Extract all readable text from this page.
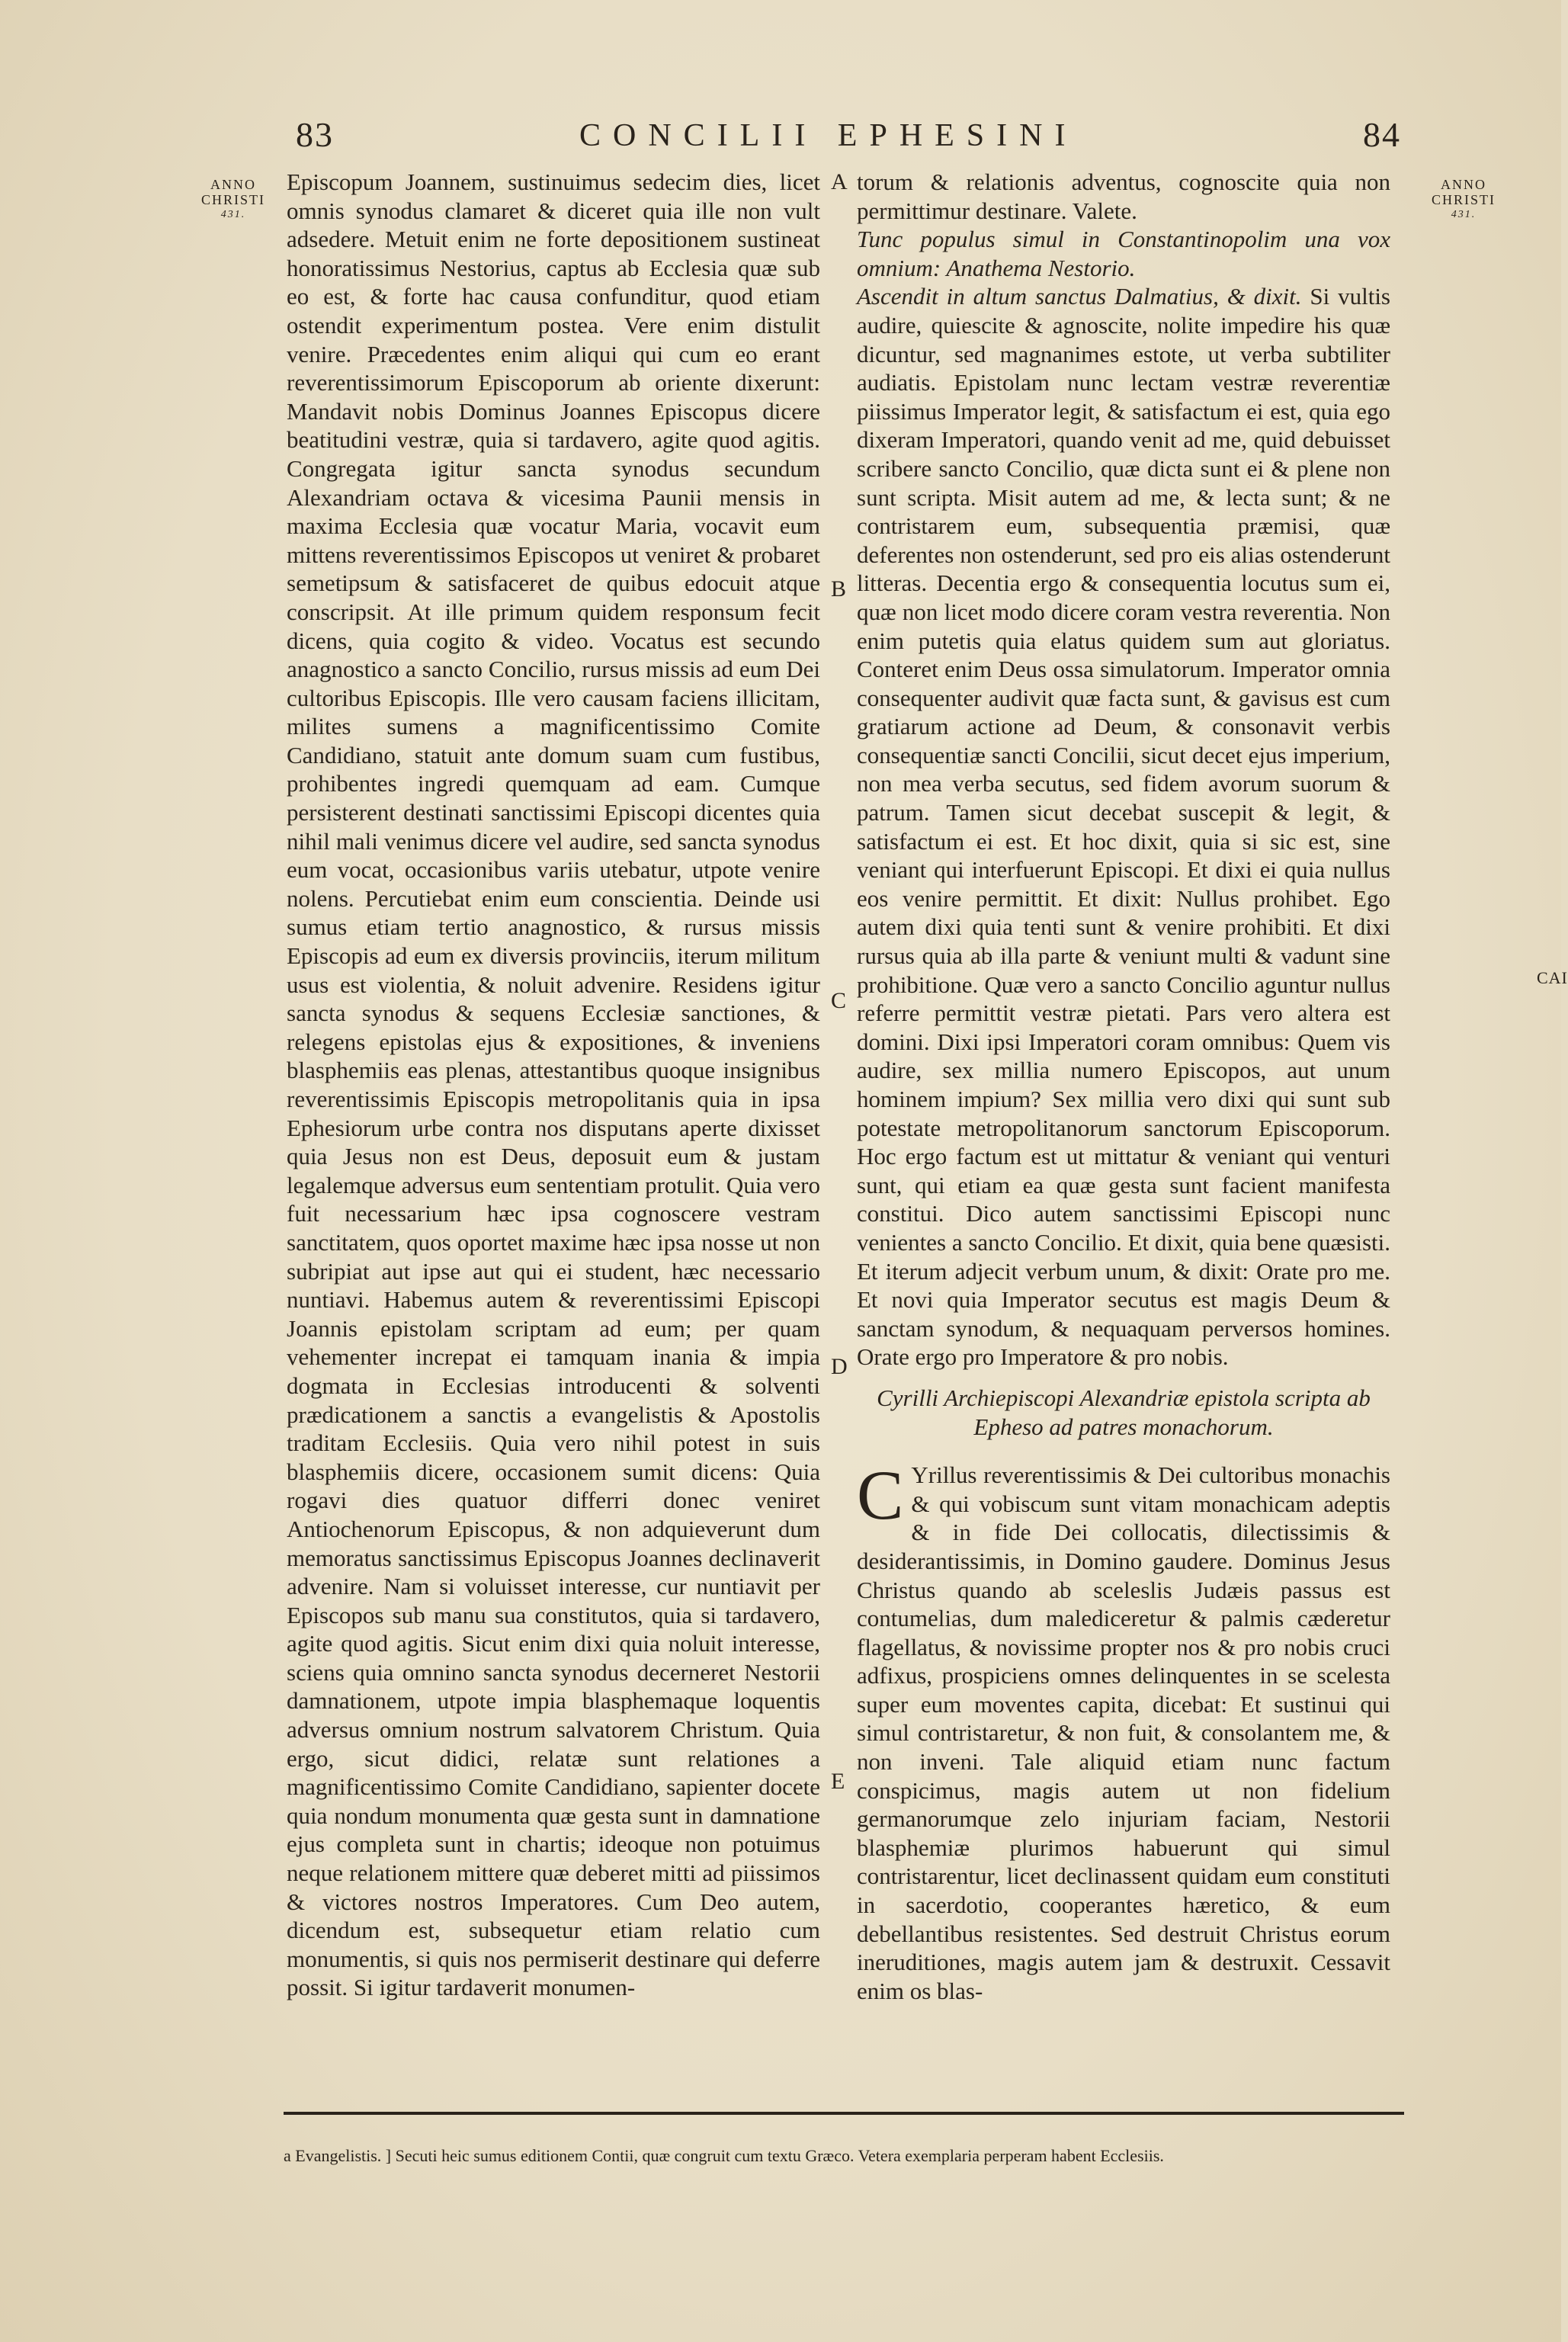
83	CONCILII EPHESINI	84
ANNO
CHRISTI
431.
ANNO
CHRISTI
431.
CAI
A
B
C
D
E

Episcopum Joannem, sustinuimus sedecim dies, licet omnis synodus clamaret & diceret quia ille non vult adsedere. Metuit enim ne forte depositionem sustineat honoratissimus Nestorius, captus ab Ecclesia quæ sub eo est, & forte hac causa confunditur, quod etiam ostendit experimentum postea. Vere enim distulit venire. Præcedentes enim aliqui qui cum eo erant reverentissimorum Episcoporum ab oriente dixerunt: Mandavit nobis Dominus Joannes Episcopus dicere beatitudini vestræ, quia si tardavero, agite quod agitis. Congregata igitur sancta synodus secundum Alexandriam octava & vicesima Paunii mensis in maxima Ecclesia quæ vocatur Maria, vocavit eum mittens reverentissimos Episcopos ut veniret & probaret semetipsum & satisfaceret de quibus edocuit atque conscripsit. At ille primum quidem responsum fecit dicens, quia cogito & video. Vocatus est secundo anagnostico a sancto Concilio, rursus missis ad eum Dei cultoribus Episcopis. Ille vero causam faciens illicitam, milites sumens a magnificentissimo Comite Candidiano, statuit ante domum suam cum fustibus, prohibentes ingredi quemquam ad eam. Cumque persisterent destinati sanctissimi Episcopi dicentes quia nihil mali venimus dicere vel audire, sed sancta synodus eum vocat, occasionibus variis utebatur, utpote venire nolens. Percutiebat enim eum conscientia. Deinde usi sumus etiam tertio anagnostico, & rursus missis Episcopis ad eum ex diversis provinciis, iterum militum usus est violentia, & noluit advenire. Residens igitur sancta synodus & sequens Ecclesiæ sanctiones, & relegens epistolas ejus & expositiones, & inveniens blasphemiis eas plenas, attestantibus quoque insignibus reverentissimis Episcopis metropolitanis quia in ipsa Ephesiorum urbe contra nos disputans aperte dixisset quia Jesus non est Deus, deposuit eum & justam legalemque adversus eum sententiam protulit. Quia vero fuit necessarium hæc ipsa cognoscere vestram sanctitatem, quos oportet maxime hæc ipsa nosse ut non subripiat aut ipse aut qui ei student, hæc necessario nuntiavi. Habemus autem & reverentissimi Episcopi Joannis epistolam scriptam ad eum; per quam vehementer increpat ei tamquam inania & impia dogmata in Ecclesias introducenti & solventi prædicationem a sanctis a evangelistis & Apostolis traditam Ecclesiis. Quia vero nihil potest in suis blasphemiis dicere, occasionem sumit dicens: Quia rogavi dies quatuor differri donec veniret Antiochenorum Episcopus, & non adquieverunt dum memoratus sanctissimus Episcopus Joannes declinaverit advenire. Nam si voluisset interesse, cur nuntiavit per Episcopos sub manu sua constitutos, quia si tardavero, agite quod agitis. Sicut enim dixi quia noluit interesse, sciens quia omnino sancta synodus decerneret Nestorii damnationem, utpote impia blasphemaque loquentis adversus omnium nostrum salvatorem Christum. Quia ergo, sicut didici, relatæ sunt relationes a magnificentissimo Comite Candidiano, sapienter docete quia nondum monumenta quæ gesta sunt in damnatione ejus completa sunt in chartis; ideoque non potuimus neque relationem mittere quæ deberet mitti ad piissimos & victores nostros Imperatores. Cum Deo autem, dicendum est, subsequetur etiam relatio cum monumentis, si quis nos permiserit destinare qui deferre possit. Si igitur tardaverit monumen-

torum & relationis adventus, cognoscite quia non permittimur destinare. Valete.

Tunc populus simul in Constantinopolim una vox omnium: Anathema Nestorio.

Ascendit in altum sanctus Dalmatius, & dixit. Si vultis audire, quiescite & agnoscite, nolite impedire his quæ dicuntur, sed magnanimes estote, ut verba subtiliter audiatis. Epistolam nunc lectam vestræ reverentiæ piissimus Imperator legit, & satisfactum ei est, quia ego dixeram Imperatori, quando venit ad me, quid debuisset scribere sancto Concilio, quæ dicta sunt ei & plene non sunt scripta. Misit autem ad me, & lecta sunt; & ne contristarem eum, subsequentia præmisi, quæ deferentes non ostenderunt, sed pro eis alias ostenderunt litteras. Decentia ergo & consequentia locutus sum ei, quæ non licet modo dicere coram vestra reverentia. Non enim putetis quia elatus quidem sum aut gloriatus. Conteret enim Deus ossa simulatorum. Imperator omnia consequenter audivit quæ facta sunt, & gavisus est cum gratiarum actione ad Deum, & consonavit verbis consequentiæ sancti Concilii, sicut decet ejus imperium, non mea verba secutus, sed fidem avorum suorum & patrum. Tamen sicut decebat suscepit & legit, & satisfactum ei est. Et hoc dixit, quia si sic est, sine veniant qui interfuerunt Episcopi. Et dixi ei quia nullus eos venire permittit. Et dixit: Nullus prohibet. Ego autem dixi quia tenti sunt & venire prohibiti. Et dixi rursus quia ab illa parte & veniunt multi & vadunt sine prohibitione. Quæ vero a sancto Concilio aguntur nullus referre permittit vestræ pietati. Pars vero altera est domini. Dixi ipsi Imperatori coram omnibus: Quem vis audire, sex millia numero Episcopos, aut unum hominem impium? Sex millia vero dixi qui sunt sub potestate metropolitanorum sanctorum Episcoporum. Hoc ergo factum est ut mittatur & veniant qui venturi sunt, qui etiam ea quæ gesta sunt facient manifesta constitui. Dico autem sanctissimi Episcopi nunc venientes a sancto Concilio. Et dixit, quia bene quæsisti. Et iterum adjecit verbum unum, & dixit: Orate pro me. Et novi quia Imperator secutus est magis Deum & sanctam synodum, & nequaquam perversos homines. Orate ergo pro Imperatore & pro nobis.

Cyrilli Archiepiscopi Alexandriæ epistola scripta ab Epheso ad patres monachorum.

C Yrillus reverentissimis & Dei cultoribus monachis & qui vobiscum sunt vitam monachicam adeptis & in fide Dei collocatis, dilectissimis & desiderantissimis, in Domino gaudere. Dominus Jesus Christus quando ab sceleslis Judæis passus est contumelias, dum malediceretur & palmis cæderetur flagellatus, & novissime propter nos & pro nobis cruci adfixus, prospiciens omnes delinquentes in se scelesta super eum moventes capita, dicebat: Et sustinui qui simul contristaretur, & non fuit, & consolantem me, & non inveni. Tale aliquid etiam nunc factum conspicimus, magis autem ut non fidelium germanorumque zelo injuriam faciam, Nestorii blasphemiæ plurimos habuerunt qui simul contristarentur, licet declinassent quidam eum constituti in sacerdotio, cooperantes hæretico, & eum debellantibus resistentes. Sed destruit Christus eorum ineruditiones, magis autem jam & destruxit. Cessavit enim os blas-

a Evangelistis. ] Secuti heic sumus editionem Contii, quæ congruit cum textu Græco. Vetera exemplaria perperam habent Ecclesiis.
